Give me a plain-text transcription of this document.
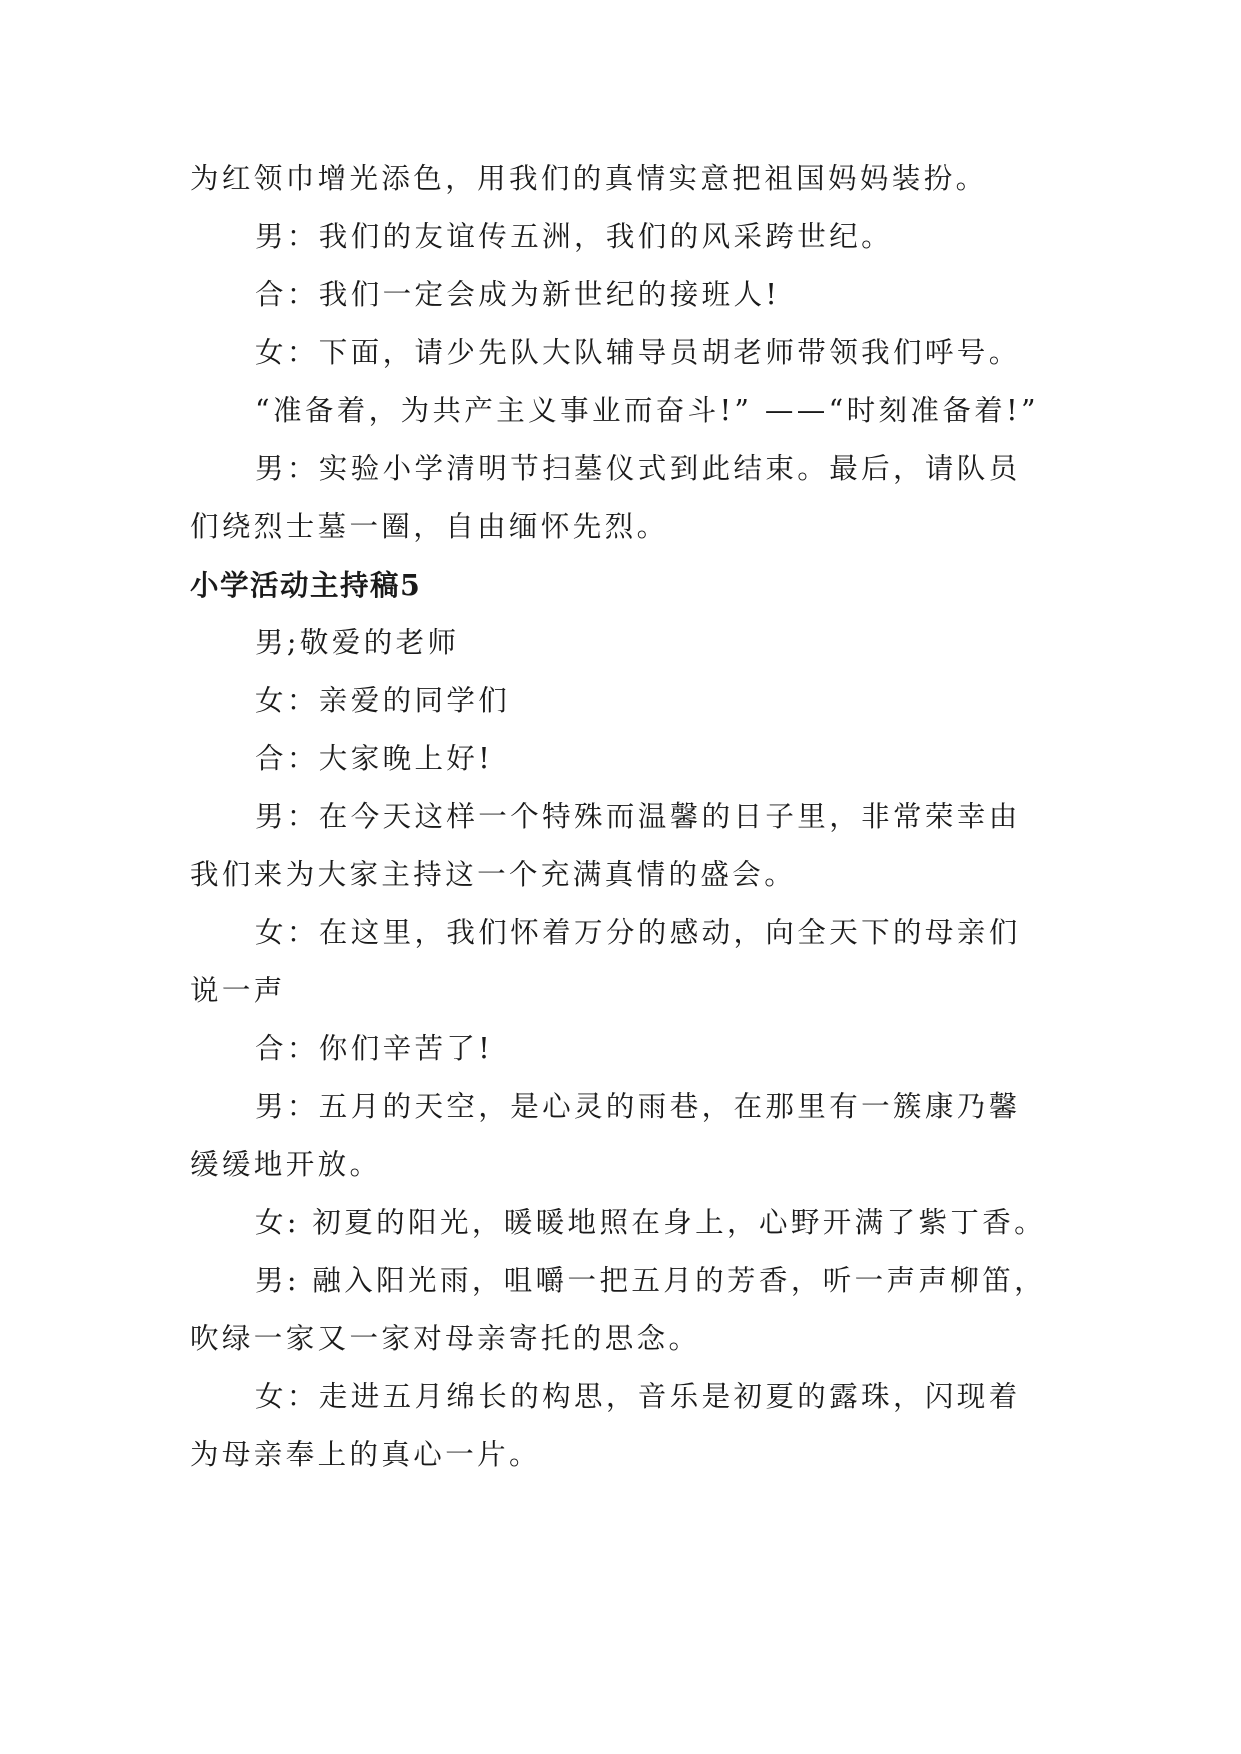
为红领巾增光添色，用我们的真情实意把祖国妈妈装扮。

男：我们的友谊传五洲，我们的风采跨世纪。

合：我们一定会成为新世纪的接班人!

女：下面，请少先队大队辅导员胡老师带领我们呼号。

“准备着，为共产主义事业而奋斗!” ——“时刻准备着!”

男：实验小学清明节扫墓仪式到此结束。最后，请队员们绕烈士墓一圈，自由缅怀先烈。

小学活动主持稿5

男;敬爱的老师

女：亲爱的同学们

合：大家晚上好!

男：在今天这样一个特殊而温馨的日子里，非常荣幸由我们来为大家主持这一个充满真情的盛会。

女：在这里，我们怀着万分的感动，向全天下的母亲们说一声

合：你们辛苦了!

男：五月的天空，是心灵的雨巷，在那里有一簇康乃馨缓缓地开放。

女: 初夏的阳光，暖暖地照在身上，心野开满了紫丁香。

男: 融入阳光雨，咀嚼一把五月的芳香，听一声声柳笛，吹绿一家又一家对母亲寄托的思念。

女：走进五月绵长的构思，音乐是初夏的露珠，闪现着为母亲奉上的真心一片。
